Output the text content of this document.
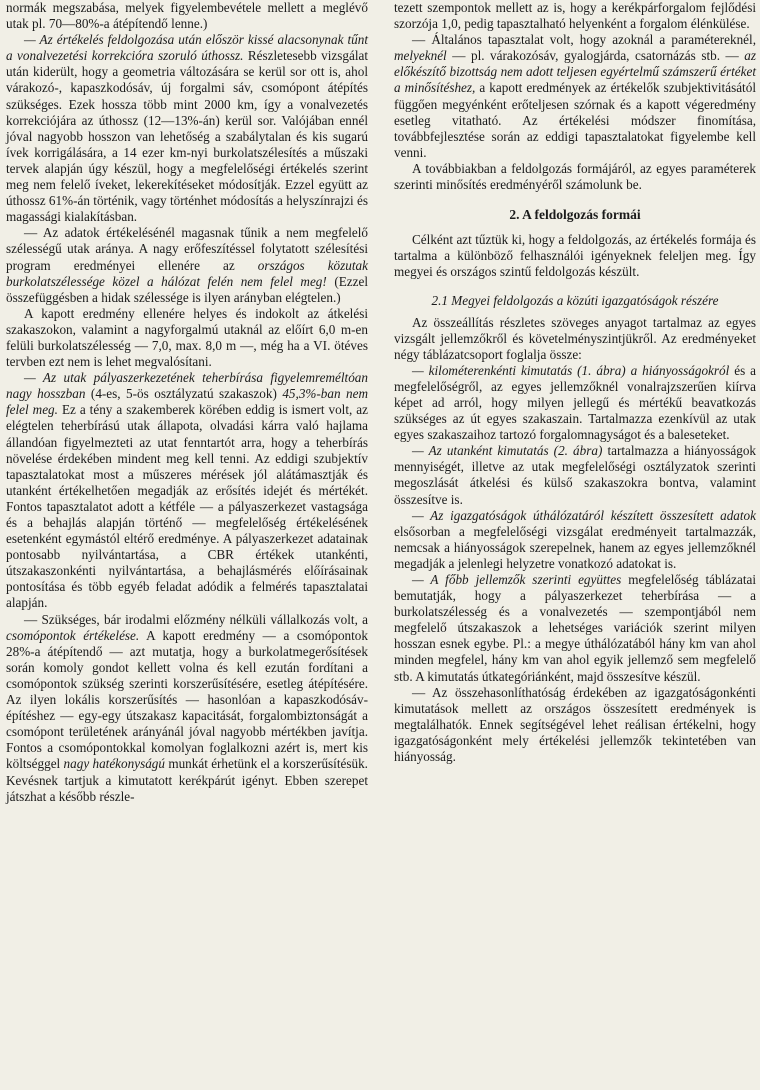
normák megszabása, melyek figyelembevétele mellett a meglévő utak pl. 70—80%-a átépítendő lenne.)

— Az értékelés feldolgozása után először kissé alacsonynak tűnt a vonalvezetési korrekcióra szoruló úthossz. Részletesebb vizsgálat után kiderült, hogy a geometria változására se kerül sor ott is, ahol várakozó-, kapaszkodósáv, új forgalmi sáv, csomópont átépítés szükséges. Ezek hossza több mint 2000 km, így a vonalvezetés korrekciójára az úthossz (12—13%-án) kerül sor. Valójában ennél jóval nagyobb hosszon van lehetőség a szabálytalan és kis sugarú ívek korrigálására, a 14 ezer km-nyi burkolatszélesítés a műszaki tervek alapján úgy készül, hogy a megfelelőségi értékelés szerint meg nem felelő íveket, lekerekítéseket módosítják. Ezzel együtt az úthossz 61%-án történik, vagy történhet módosítás a helyszínrajzi és magassági kialakításban.

— Az adatok értékelésénél magasnak tűnik a nem megfelelő szélességű utak aránya. A nagy erőfeszítéssel folytatott szélesítési program eredményei ellenére az országos közutak burkolatszélessége közel a hálózat felén nem felel meg! (Ezzel összefüggésben a hidak szélessége is ilyen arányban elégtelen.)

A kapott eredmény ellenére helyes és indokolt az átkelési szakaszokon, valamint a nagyforgalmú utaknál az előírt 6,0 m-en felüli burkolatszélesség — 7,0, max. 8,0 m —, még ha a VI. ötéves tervben ezt nem is lehet megvalósítani.

— Az utak pályaszerkezetének teherbírása figyelemreméltóan nagy hosszban (4-es, 5-ös osztályzatú szakaszok) 45,3%-ban nem felel meg. Ez a tény a szakemberek körében eddig is ismert volt, az elégtelen teherbírású utak állapota, olvadási kárra való hajlama állandóan figyelmezteti az utat fenntartót arra, hogy a teherbírás növelése érdekében mindent meg kell tenni. Az eddigi szubjektív tapasztalatokat most a műszeres mérések jól alátámasztják és utanként értékelhetően megadják az erősítés idejét és mértékét. Fontos tapasztalatot adott a kétféle — a pályaszerkezet vastagsága és a behajlás alapján történő — megfelelőség értékelésének esetenként egymástól eltérő eredménye. A pályaszerkezet adatainak pontosabb nyilvántartása, a CBR értékek utankénti, útszakaszonkénti nyilvántartása, a behajlásmérés előírásainak pontosítása és több egyéb feladat adódik a felmérés tapasztalatai alapján.

— Szükséges, bár irodalmi előzmény nélküli vállalkozás volt, a csomópontok értékelése. A kapott eredmény — a csomópontok 28%-a átépítendő — azt mutatja, hogy a burkolatmegerősítések során komoly gondot kellett volna és kell ezután fordítani a csomópontok szükség szerinti korszerűsítésére, esetleg átépítésére. Az ilyen lokális korszerűsítés — hasonlóan a kapaszkodósáv-építéshez — egy-egy útszakasz kapacitását, forgalombiztonságát a csomópont területének arányánál jóval nagyobb mértékben javítja. Fontos a csomópontokkal komolyan foglalkozni azért is, mert kis költséggel nagy hatékonyságú munkát érhetünk el a korszerűsítésük. Kevésnek tartjuk a kimutatott kerékpárút igényt. Ebben szerepet játszhat a később részle-

tezett szempontok mellett az is, hogy a kerékpárforgalom fejlődési szorzója 1,0, pedig tapasztalható helyenként a forgalom élénkülése.

— Általános tapasztalat volt, hogy azoknál a paramétereknél, melyeknél — pl. várakozósáv, gyalogjárda, csatornázás stb. — az előkészítő bizottság nem adott teljesen egyértelmű számszerű értéket a minősítéshez, a kapott eredmények az értékelők szubjektivitásától függően megyénként erőteljesen szórnak és a kapott végeredmény esetleg vitatható. Az értékelési módszer finomítása, továbbfejlesztése során az eddigi tapasztalatokat figyelembe kell venni.

A továbbiakban a feldolgozás formájáról, az egyes paraméterek szerinti minősítés eredményéről számolunk be.

2. A feldolgozás formái

Célként azt tűztük ki, hogy a feldolgozás, az értékelés formája és tartalma a különböző felhasználói igényeknek feleljen meg. Így megyei és országos szintű feldolgozás készült.

2.1 Megyei feldolgozás a közúti igazgatóságok részére

Az összeállítás részletes szöveges anyagot tartalmaz az egyes vizsgált jellemzőkről és követelményszintjükről. Az eredményeket négy táblázatcsoport foglalja össze:

— kilométerenkénti kimutatás (1. ábra) a hiányosságokról és a megfelelőségről, az egyes jellemzőknél vonalrajzszerűen kiírva képet ad arról, hogy milyen jellegű és mértékű beavatkozás szükséges az út egyes szakaszain. Tartalmazza ezenkívül az utak egyes szakaszaihoz tartozó forgalomnagyságot és a baleseteket.

— Az utanként kimutatás (2. ábra) tartalmazza a hiányosságok mennyiségét, illetve az utak megfelelőségi osztályzatok szerinti megoszlását átkelési és külső szakaszokra bontva, valamint összesítve is.

— Az igazgatóságok úthálózatáról készített összesített adatok elsősorban a megfelelőségi vizsgálat eredményeit tartalmazzák, nemcsak a hiányosságok szerepelnek, hanem az egyes jellemzőknél megadják a jelenlegi helyzetre vonatkozó adatokat is.

— A főbb jellemzők szerinti együttes megfelelőség táblázatai bemutatják, hogy a pályaszerkezet teherbírása — a burkolatszélesség és a vonalvezetés — szempontjából nem megfelelő útszakaszok a lehetséges variációk szerint milyen hosszan esnek egybe. Pl.: a megye úthálózatából hány km van ahol minden megfelel, hány km van ahol egyik jellemző sem megfelelő stb. A kimutatás útkategóriánként, majd összesítve készül.

— Az összehasonlíthatóság érdekében az igazgatóságonkénti kimutatások mellett az országos összesített eredmények is megtalálhatók. Ennek segítségével lehet reálisan értékelni, hogy igazgatóságonként mely értékelési jellemzők tekintetében van hiányosság.
